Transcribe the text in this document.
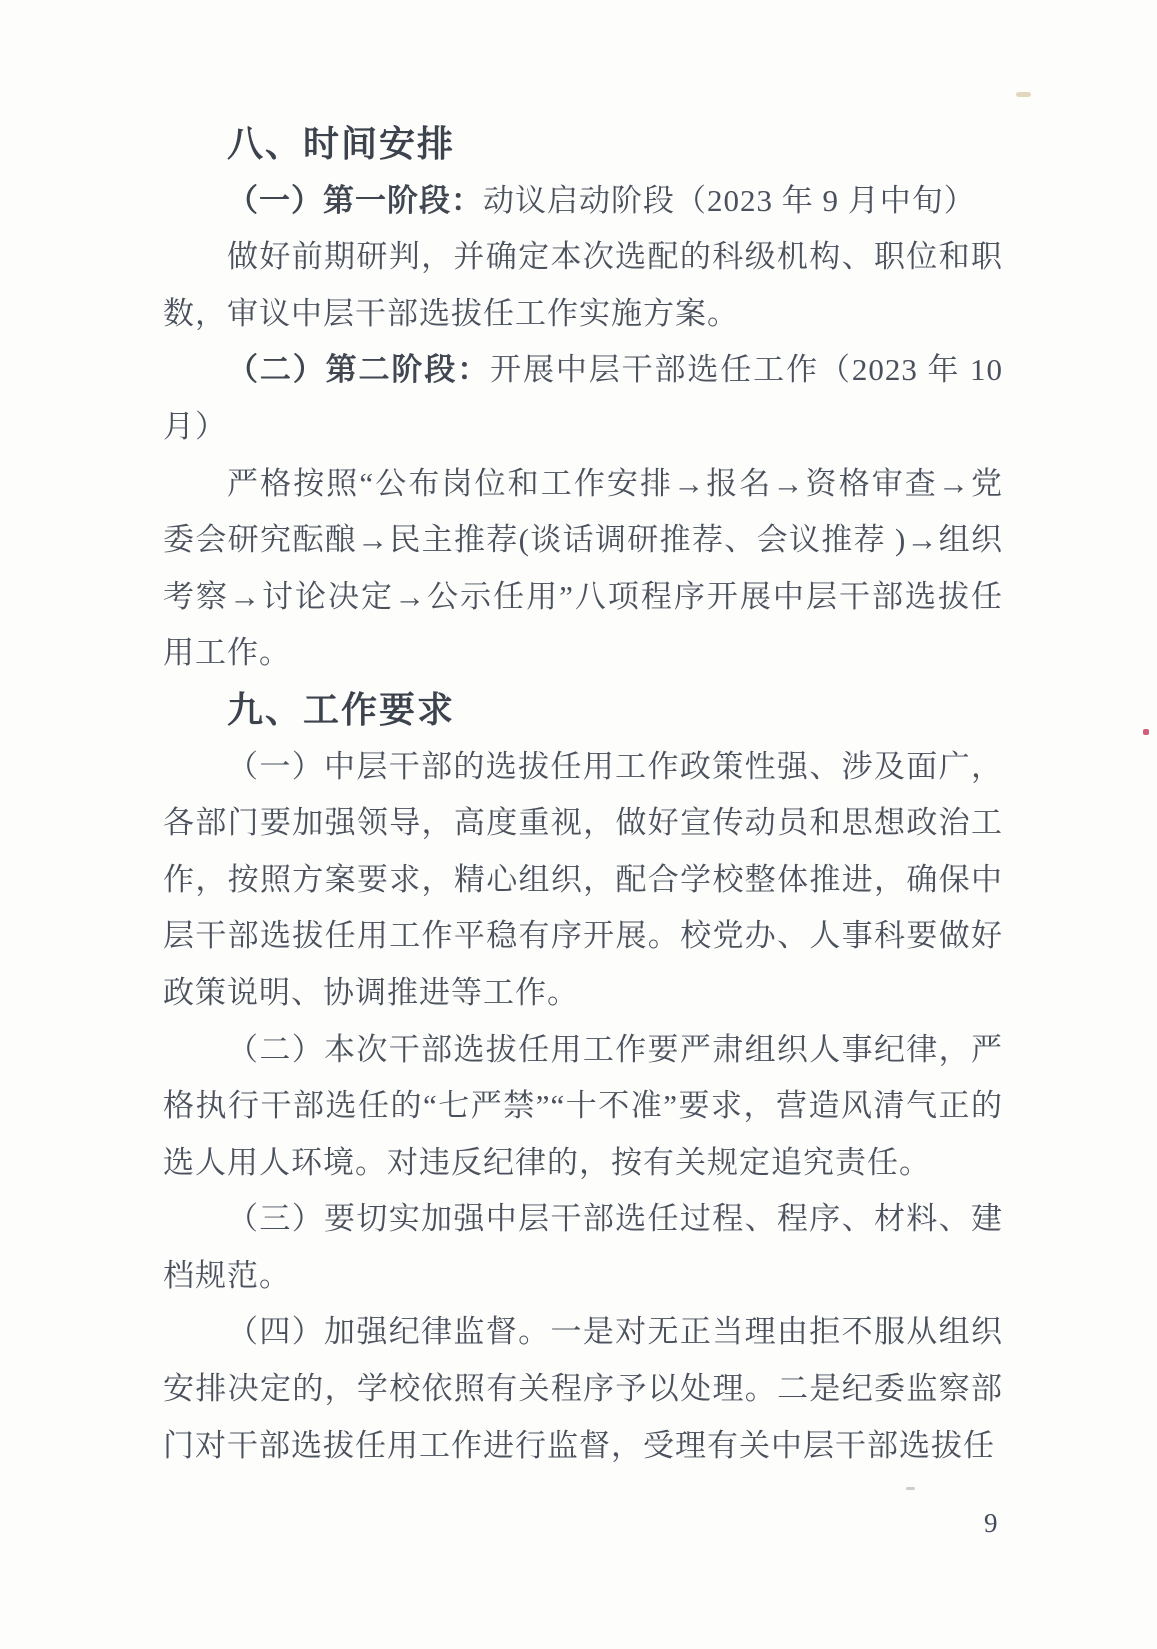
八、时间安排

（一）第一阶段：动议启动阶段（2023 年 9 月中旬）

做好前期研判，并确定本次选配的科级机构、职位和职数，审议中层干部选拔任工作实施方案。

（二）第二阶段：开展中层干部选任工作（2023 年 10 月）

严格按照“公布岗位和工作安排→报名→资格审查→党委会研究酝酿→民主推荐(谈话调研推荐、会议推荐 )→组织考察→讨论决定→公示任用”八项程序开展中层干部选拔任用工作。

九、工作要求

（一）中层干部的选拔任用工作政策性强、涉及面广，各部门要加强领导，高度重视，做好宣传动员和思想政治工作，按照方案要求，精心组织，配合学校整体推进，确保中层干部选拔任用工作平稳有序开展。校党办、人事科要做好政策说明、协调推进等工作。

（二）本次干部选拔任用工作要严肃组织人事纪律，严格执行干部选任的“七严禁”“十不准”要求，营造风清气正的选人用人环境。对违反纪律的，按有关规定追究责任。

（三）要切实加强中层干部选任过程、程序、材料、建档规范。

（四）加强纪律监督。一是对无正当理由拒不服从组织安排决定的，学校依照有关程序予以处理。二是纪委监察部门对干部选拔任用工作进行监督，受理有关中层干部选拔任

9
